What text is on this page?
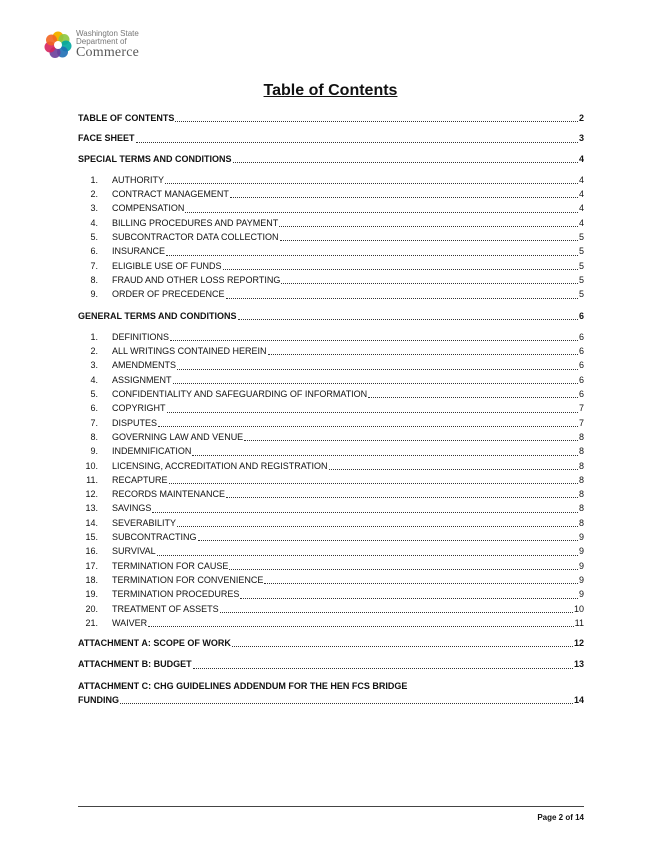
Washington State
Department of
Commerce
Table of Contents
TABLE OF CONTENTS	2
FACE SHEET	3
SPECIAL TERMS AND CONDITIONS	4
1. AUTHORITY	4
2. CONTRACT MANAGEMENT	4
3. COMPENSATION	4
4. BILLING PROCEDURES AND PAYMENT	4
5. SUBCONTRACTOR DATA COLLECTION	5
6. INSURANCE	5
7. ELIGIBLE USE OF FUNDS	5
8. FRAUD AND OTHER LOSS REPORTING	5
9. ORDER OF PRECEDENCE	5
GENERAL TERMS AND CONDITIONS	6
1. DEFINITIONS	6
2. ALL WRITINGS CONTAINED HEREIN	6
3. AMENDMENTS	6
4. ASSIGNMENT	6
5. CONFIDENTIALITY AND SAFEGUARDING OF INFORMATION	6
6. COPYRIGHT	7
7. DISPUTES	7
8. GOVERNING LAW AND VENUE	8
9. INDEMNIFICATION	8
10. LICENSING, ACCREDITATION AND REGISTRATION	8
11. RECAPTURE	8
12. RECORDS MAINTENANCE	8
13. SAVINGS	8
14. SEVERABILITY	8
15. SUBCONTRACTING	9
16. SURVIVAL	9
17. TERMINATION FOR CAUSE	9
18. TERMINATION FOR CONVENIENCE	9
19. TERMINATION PROCEDURES	9
20. TREATMENT OF ASSETS	10
21. WAIVER	11
ATTACHMENT A: SCOPE OF WORK	12
ATTACHMENT B: BUDGET	13
ATTACHMENT C: CHG GUIDELINES ADDENDUM FOR THE HEN FCS BRIDGE
FUNDING	14
Page 2 of 14
